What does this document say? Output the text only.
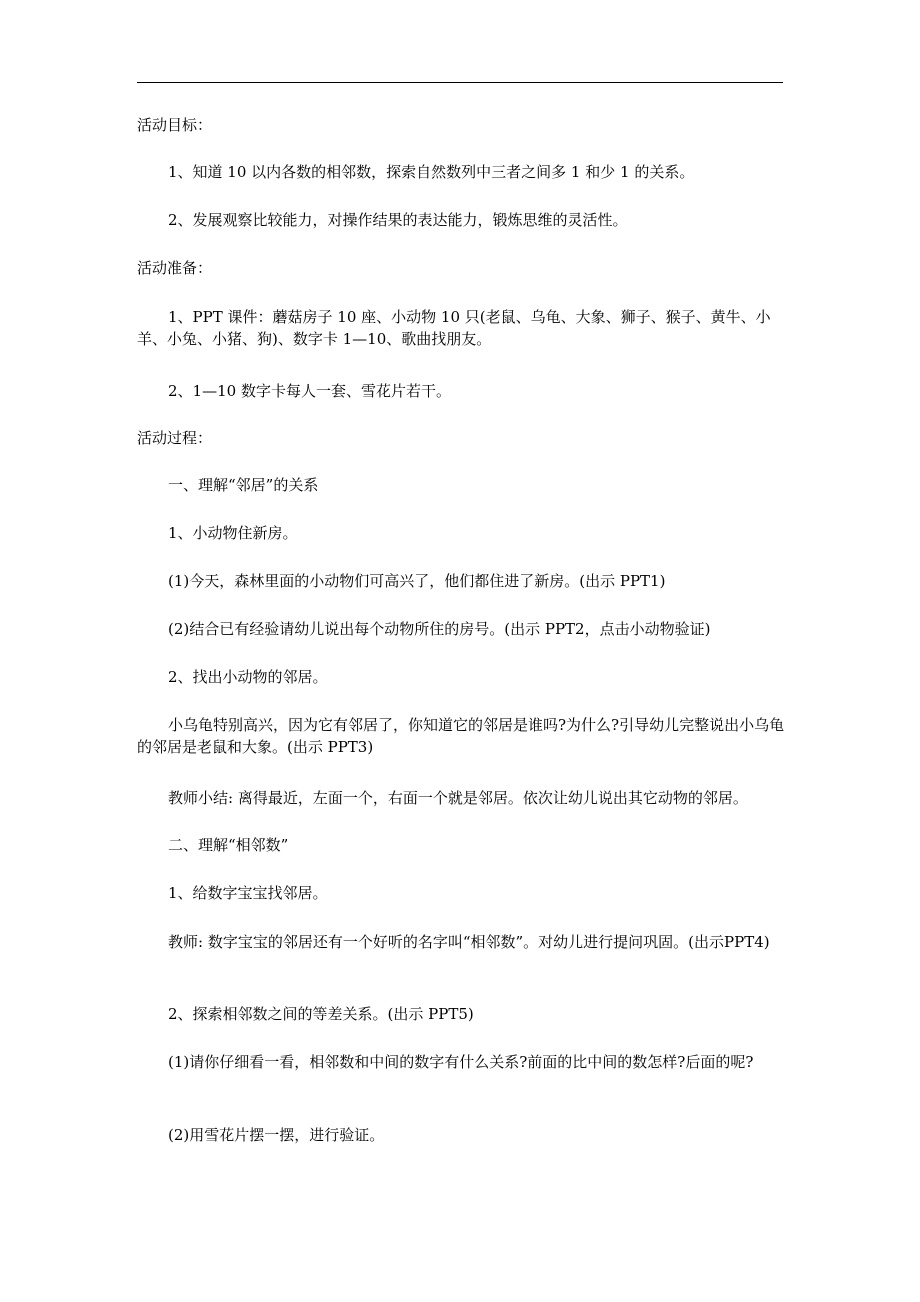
活动目标：
1、知道 10 以内各数的相邻数，探索自然数列中三者之间多 1 和少 1 的关系。
2、发展观察比较能力，对操作结果的表达能力，锻炼思维的灵活性。
活动准备：
1、PPT 课件：蘑菇房子 10 座、小动物 10 只(老鼠、乌龟、大象、狮子、猴子、黄牛、小羊、小兔、小猪、狗)、数字卡 1—10、歌曲找朋友。
2、1—10 数字卡每人一套、雪花片若干。
活动过程：
一、理解“邻居”的关系
1、小动物住新房。
(1)今天，森林里面的小动物们可高兴了，他们都住进了新房。(出示 PPT1)
(2)结合已有经验请幼儿说出每个动物所住的房号。(出示 PPT2，点击小动物验证)
2、找出小动物的邻居。
小乌龟特别高兴，因为它有邻居了，你知道它的邻居是谁吗?为什么?引导幼儿完整说出小乌龟的邻居是老鼠和大象。(出示 PPT3)
教师小结: 离得最近，左面一个，右面一个就是邻居。依次让幼儿说出其它动物的邻居。
二、理解“相邻数”
1、给数字宝宝找邻居。
教师: 数字宝宝的邻居还有一个好听的名字叫“相邻数”。对幼儿进行提问巩固。(出示PPT4)
2、探索相邻数之间的等差关系。(出示 PPT5)
(1)请你仔细看一看，相邻数和中间的数字有什么关系?前面的比中间的数怎样?后面的呢?
(2)用雪花片摆一摆，进行验证。
